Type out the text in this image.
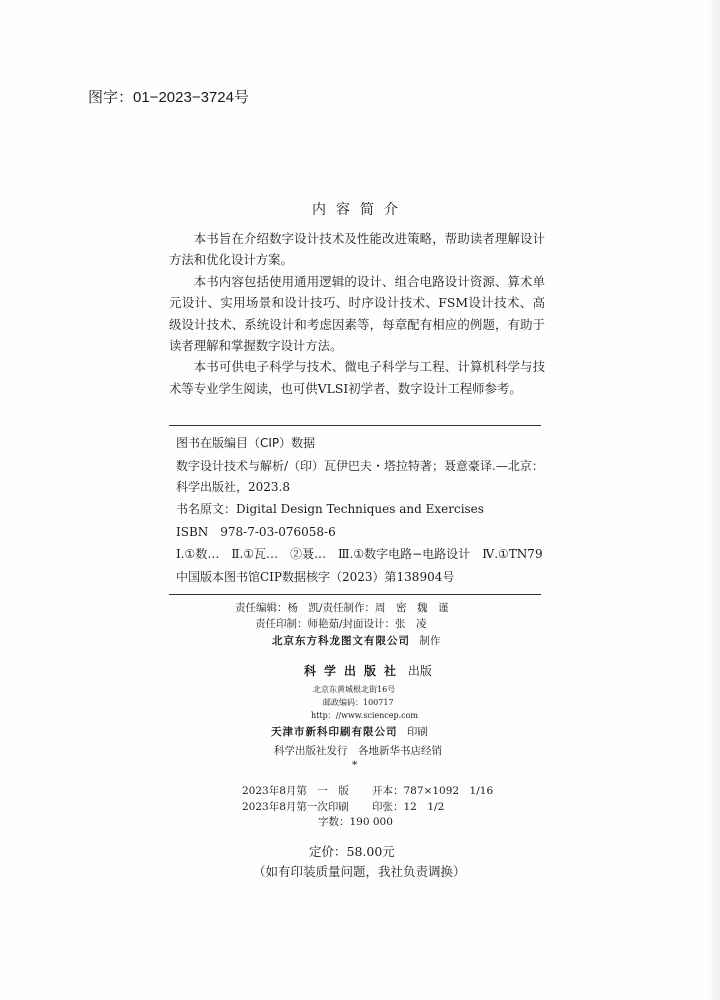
图字：01−2023−3724号
内容简介

本书旨在介绍数字设计技术及性能改进策略，帮助读者理解设计方法和优化设计方案。

本书内容包括使用通用逻辑的设计、组合电路设计资源、算术单元设计、实用场景和设计技巧、时序设计技术、FSM设计技术、高级设计技术、系统设计和考虑因素等，每章配有相应的例题，有助于读者理解和掌握数字设计方法。

本书可供电子科学与技术、微电子科学与工程、计算机科学与技术等专业学生阅读，也可供VLSI初学者、数字设计工程师参考。

图书在版编目（CIP）数据
数字设计技术与解析/（印）瓦伊巴夫・塔拉特著；聂意豪译.—北京：
科学出版社，2023.8
书名原文：Digital Design Techniques and Exercises
ISBN　978-7-03-076058-6
Ⅰ.①数…　Ⅱ.①瓦…　②聂…　Ⅲ.①数字电路−电路设计　Ⅳ.①TN79
中国版本图书馆CIP数据核字（2023）第138904号
责任编辑：杨　凯/责任制作：周　密　魏　谨
责任印制：师艳茹/封面设计：张　凌
北京东方科龙图文有限公司 制作
科学出版社 出版
北京东黄城根北街16号
邮政编码：100717
http：//www.sciencep.com
天津市新科印刷有限公司 印刷
科学出版社发行　各地新华书店经销
*
2023年8月第　一　版
2023年8月第一次印刷
开本：787×1092　1/16
印张：12　1/2
字数：190 000
定价：58.00元
（如有印装质量问题，我社负责调换）
